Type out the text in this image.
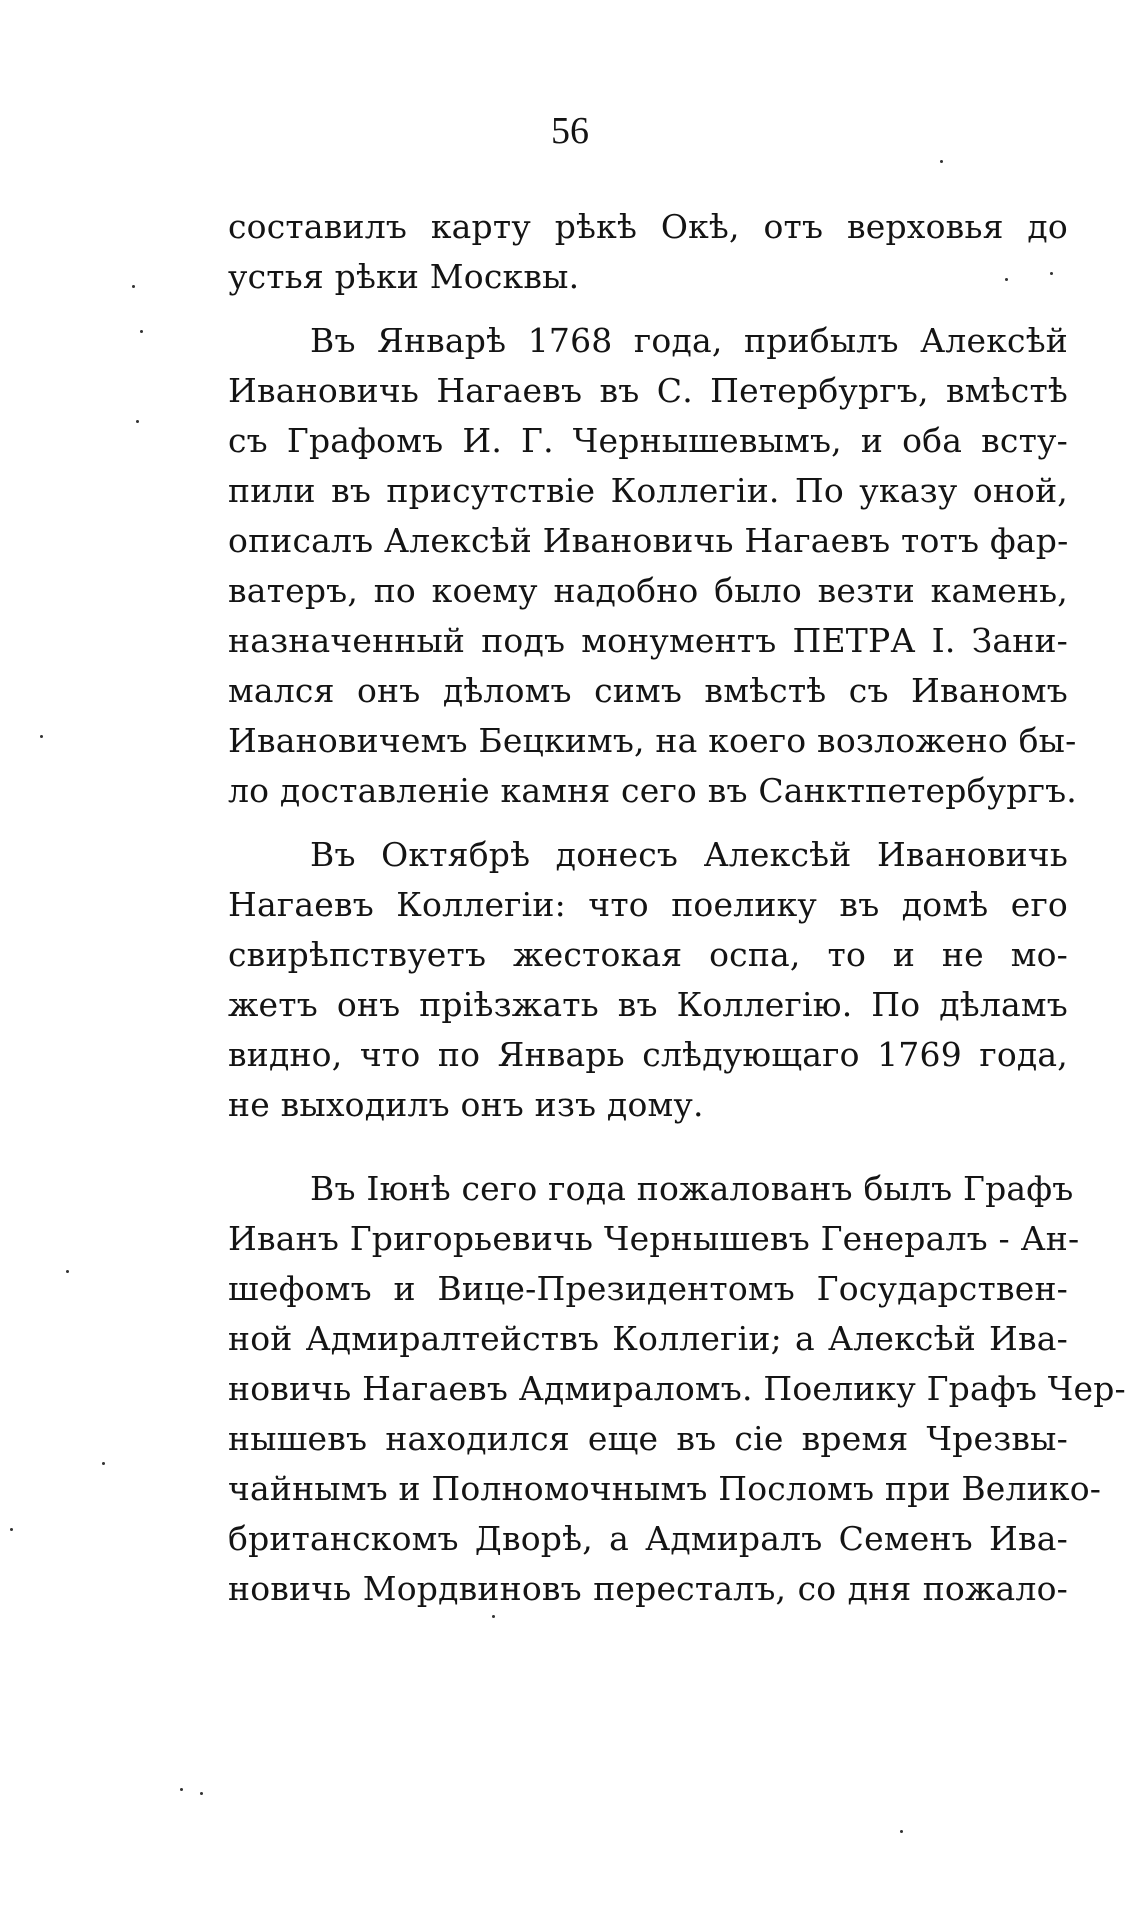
56
составилъ карту рѣкѣ Окѣ, отъ верховья до
устья рѣки Москвы.
Въ Январѣ 1768 года, прибылъ Алексѣй
Ивановичь Нагаевъ въ С. Петербургъ, вмѣстѣ
съ Графомъ И. Г. Чернышевымъ, и оба всту-
пили въ присутствіе Коллегіи. По указу оной,
описалъ Алексѣй Ивановичь Нагаевъ тотъ фар-
ватеръ, по коему надобно было везти камень,
назначенный подъ монументъ ПЕТРА I. Зани-
мался онъ дѣломъ симъ вмѣстѣ съ Иваномъ
Ивановичемъ Бецкимъ, на коего возложено бы-
ло доставленіе камня сего въ Санктпетербургъ.
Въ Октябрѣ донесъ Алексѣй Ивановичь
Нагаевъ Коллегіи: что поелику въ домѣ его
свирѣпствуетъ жестокая оспа, то и не мо-
жетъ онъ пріѣзжать въ Коллегію. По дѣламъ
видно, что по Январь слѣдующаго 1769 года,
не выходилъ онъ изъ дому.
Въ Іюнѣ сего года пожалованъ былъ Графъ
Иванъ Григорьевичь Чернышевъ Генералъ - Ан-
шефомъ и Вице-Президентомъ Государствен-
ной Адмиралтействъ Коллегіи; а Алексѣй Ива-
новичь Нагаевъ Адмираломъ. Поелику Графъ Чер-
нышевъ находился еще въ сіе время Чрезвы-
чайнымъ и Полномочнымъ Посломъ при Велико-
британскомъ Дворѣ, а Адмиралъ Семенъ Ива-
новичь Мордвиновъ пересталъ, со дня пожало-
